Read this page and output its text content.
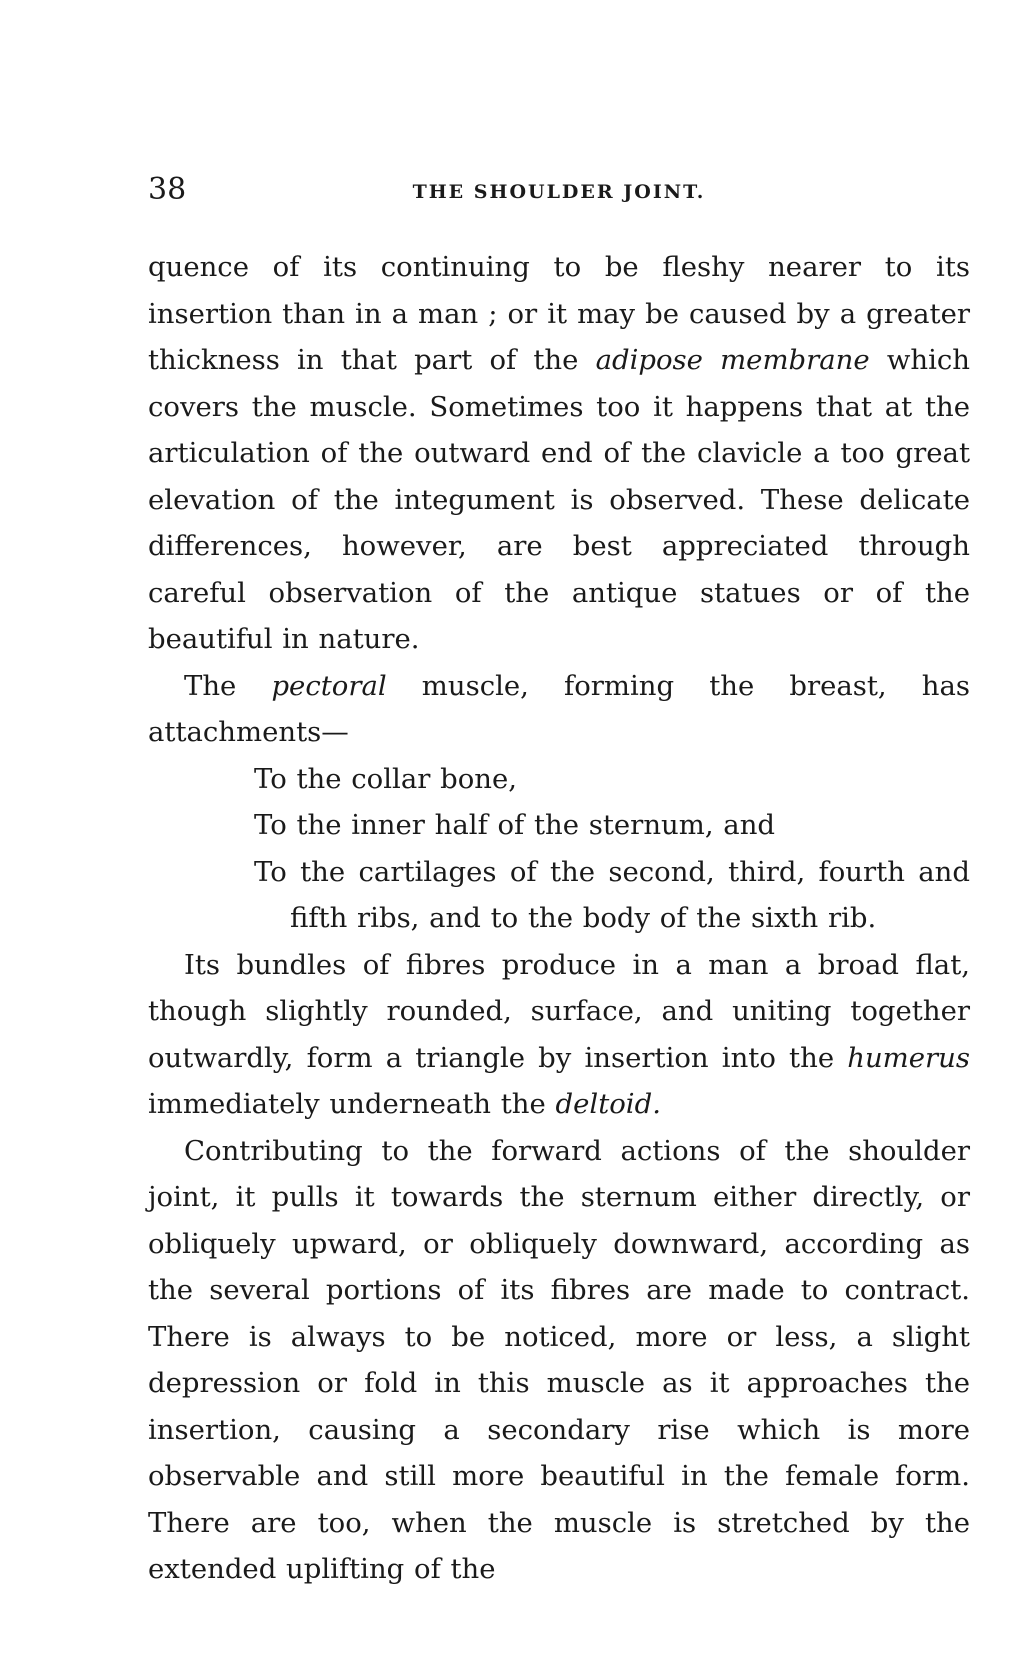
38	THE SHOULDER JOINT.

quence of its continuing to be fleshy nearer to its insertion than in a man ; or it may be caused by a greater thickness in that part of the adipose membrane which covers the muscle. Sometimes too it happens that at the articulation of the outward end of the clavicle a too great elevation of the integument is observed. These delicate differences, however, are best appreciated through careful observation of the antique statues or of the beautiful in nature.

The pectoral muscle, forming the breast, has attachments—

To the collar bone,
To the inner half of the sternum, and
To the cartilages of the second, third, fourth and fifth ribs, and to the body of the sixth rib.

Its bundles of fibres produce in a man a broad flat, though slightly rounded, surface, and uniting together outwardly, form a triangle by insertion into the humerus immediately underneath the deltoid.

Contributing to the forward actions of the shoulder joint, it pulls it towards the sternum either directly, or obliquely upward, or obliquely downward, according as the several portions of its fibres are made to contract. There is always to be noticed, more or less, a slight depression or fold in this muscle as it approaches the insertion, causing a secondary rise which is more observable and still more beautiful in the female form. There are too, when the muscle is stretched by the extended uplifting of the
